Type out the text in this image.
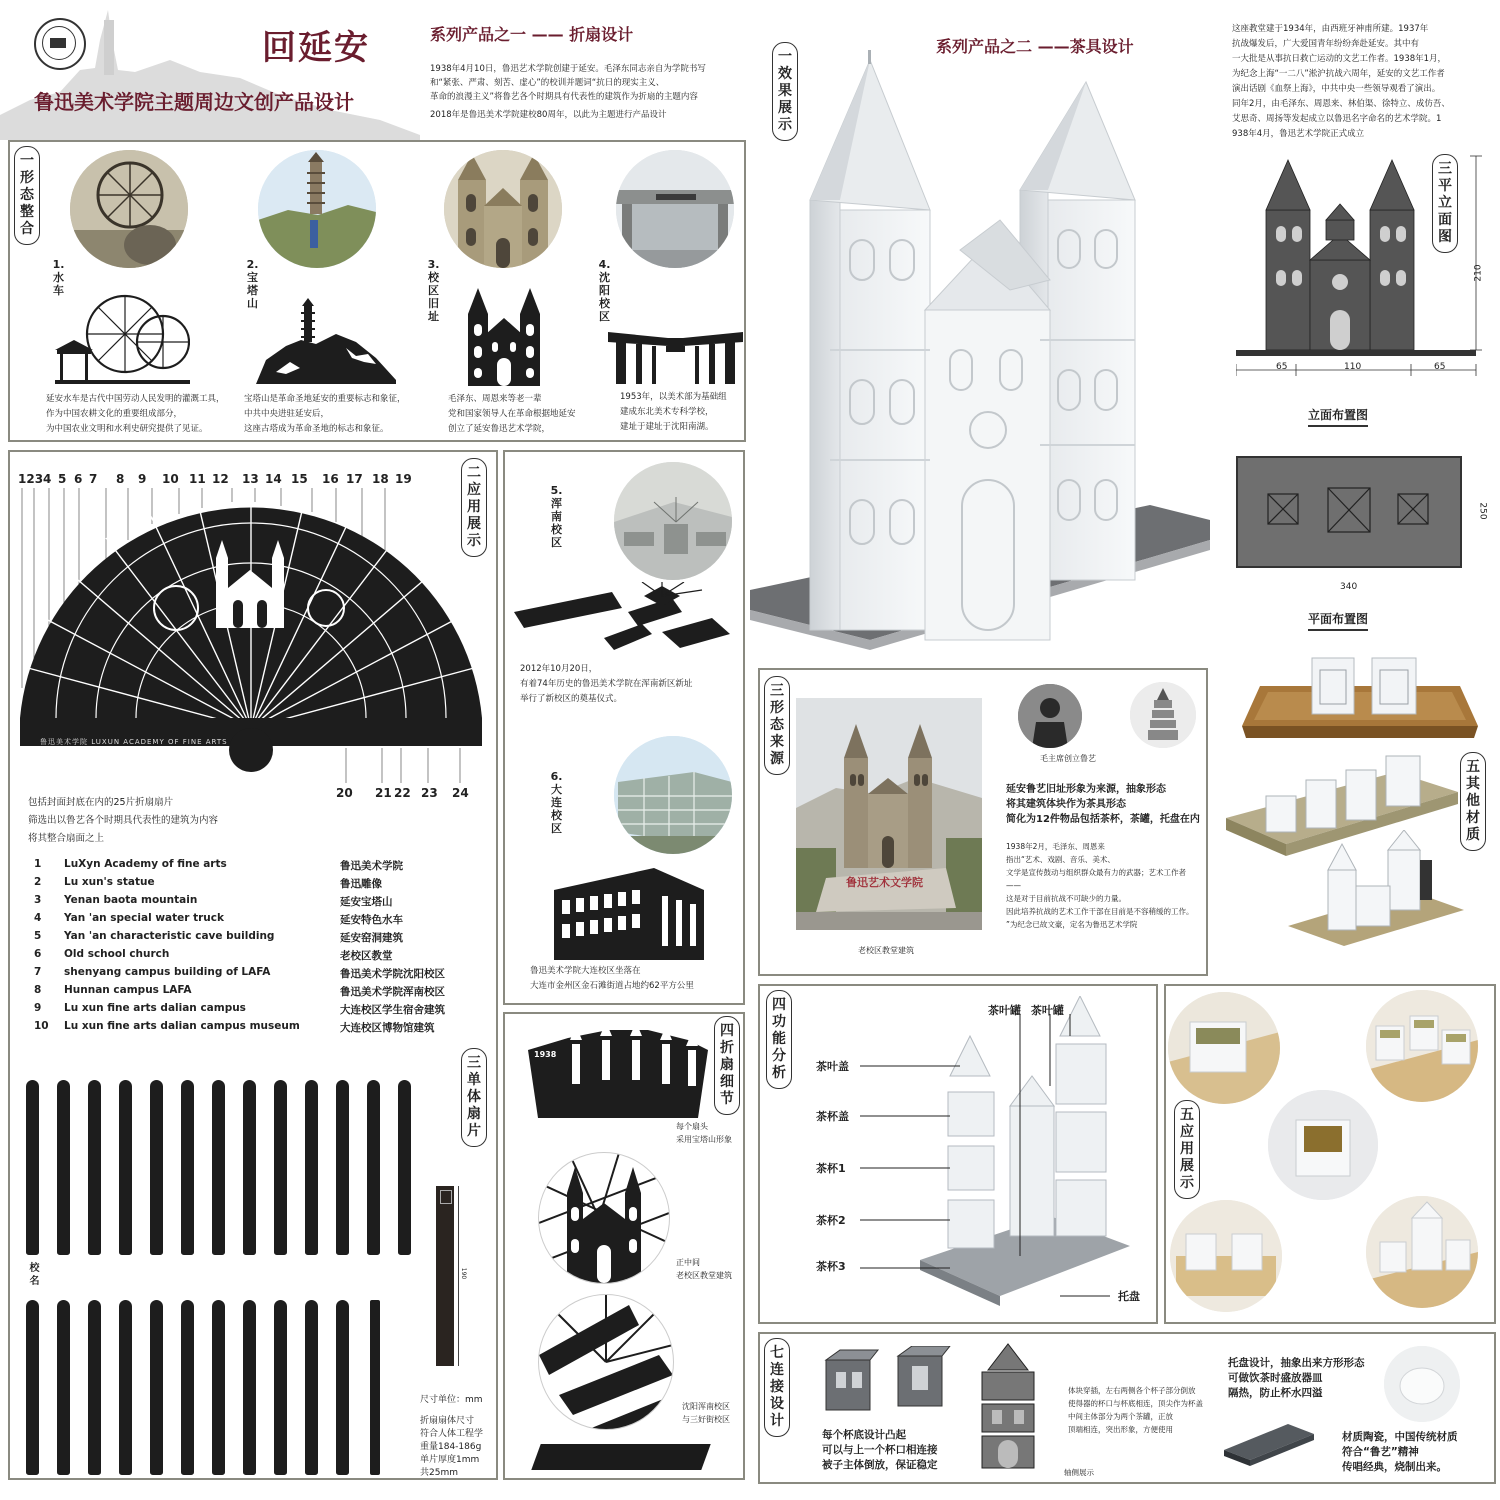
回延安
鲁迅美术学院主题周边文创产品设计
系列产品之一 —— 折扇设计
1938年4月10日，鲁迅艺术学院创建于延安。毛泽东同志亲自为学院书写
和“紧张、严肃、刻苦、虚心”的校训并题词“抗日的现实主义、
革命的浪漫主义”将鲁艺各个时期具有代表性的建筑作为折扇的主题内容
2018年是鲁迅美术学院建校80周年，以此为主题进行产品设计
一
形
态
整
合
1.水车
延安水车是古代中国劳动人民发明的灌溉工具，
作为中国农耕文化的重要组成部分，
为中国农业文明和水利史研究提供了见证。
2.宝塔山
宝塔山是革命圣地延安的重要标志和象征，
中共中央进驻延安后，
这座古塔成为革命圣地的标志和象征。
3.校区旧址
毛泽东、周恩来等老一辈
党和国家领导人在革命根据地延安
创立了延安鲁迅艺术学院，
4.沈阳校区
1953年，以美术部为基础组
建成东北美术专科学校，
建址于建址于沈阳南湖。
二
应
用
展
示
123 4 5 6 7 8 9 10 11 12 13 14 15 16 17 18 19
鲁迅美术学院 LUXUN ACADEMY OF FINE ARTS
20 21 22 23 24
包括封面封底在内的25片折扇扇片
筛选出以鲁艺各个时期具代表性的建筑为内容
将其整合扇面之上
1 LuXyn Academy of fine arts	鲁迅美术学院
2 Lu xun's statue	鲁迅雕像
3 Yenan baota mountain	延安宝塔山
4 Yan 'an special water truck	延安特色水车
5 Yan 'an characteristic cave building	延安窑洞建筑
6 Old school church	老校区教堂
7 shenyang campus building of LAFA	鲁迅美术学院沈阳校区
8 Hunnan campus LAFA	鲁迅美术学院浑南校区
9 Lu xun fine arts dalian campus	大连校区学生宿舍建筑
10 Lu xun fine arts dalian campus museum	大连校区博物馆建筑
三
单
体
扇
片
校名
190
尺寸单位：mm
折扇扇体尺寸
符合人体工程学
重量184-186g
单片厚度1mm
共25mm
5.浑南校区
2012年10月20日，
有着74年历史的鲁迅美术学院在浑南新区新址
举行了新校区的奠基仪式。
6.大连校区
鲁迅美术学院大连校区坐落在
大连市金州区金石滩街道占地约62平方公里
四
折
扇
细
节
1938
每个扇头
采用宝塔山形象
正中间
老校区教堂建筑
沈阳浑南校区
与三好街校区
一
效
果
展
示
系列产品之二 ——茶具设计
这座教堂建于1934年，由西班牙神甫所建。1937年
抗战爆发后，广大爱国青年纷纷奔赴延安。其中有
一大批是从事抗日救亡运动的文艺工作者。1938年1月，
为纪念上海“一二八”淞沪抗战六周年，延安的文艺工作者
演出话剧《血祭上海》，中共中央一些领导观看了演出。
同年2月，由毛泽东、周恩来、林伯渠、徐特立、成仿吾、
艾思奇、周扬等发起成立以鲁迅名字命名的艺术学院。1
938年4月，鲁迅艺术学院正式成立
三
平
立
面
图
210
65	110	65
立面布置图
250
340
平面布置图
三
形
态
来
源
鲁迅艺术文学院
老校区教堂建筑
毛主席创立鲁艺
延安鲁艺旧址形象为来源，抽象形态
将其建筑体块作为茶具形态
简化为12件物品包括茶杯，茶罐，托盘在内
1938年2月，毛泽东、周恩来
指出“艺术、戏剧、音乐、美术、
文学是宣传鼓动与组织群众最有力的武器；艺术工作者
——
这是对于目前抗战不可缺少的力量。
因此培养抗战的艺术工作干部在目前是不容稍缓的工作。
”为纪念已故文豪，定名为鲁迅艺术学院
五
其
他
材
质
四
功
能
分
析
茶叶罐 茶叶罐
茶叶盖
茶杯盖
茶杯1
茶杯2
茶杯3
托盘
五
应
用
展
示
七
连
接
设
计
每个杯底设计凸起
可以与上一个杯口相连接
被子主体倒放，保证稳定
体块穿插，左右两侧各个杯子部分倒放
使得器的杯口与杯底相连，顶尖作为杯盖
中间主体部分为两个茶罐，正放
顶端相连，突出形象，方便使用
轴侧展示
托盘设计，抽象出来方形形态
可做饮茶时盛放器皿
隔热，防止杯水四溢
材质陶瓷，中国传统材质
符合“鲁艺”精神
传唱经典，烧制出来。
